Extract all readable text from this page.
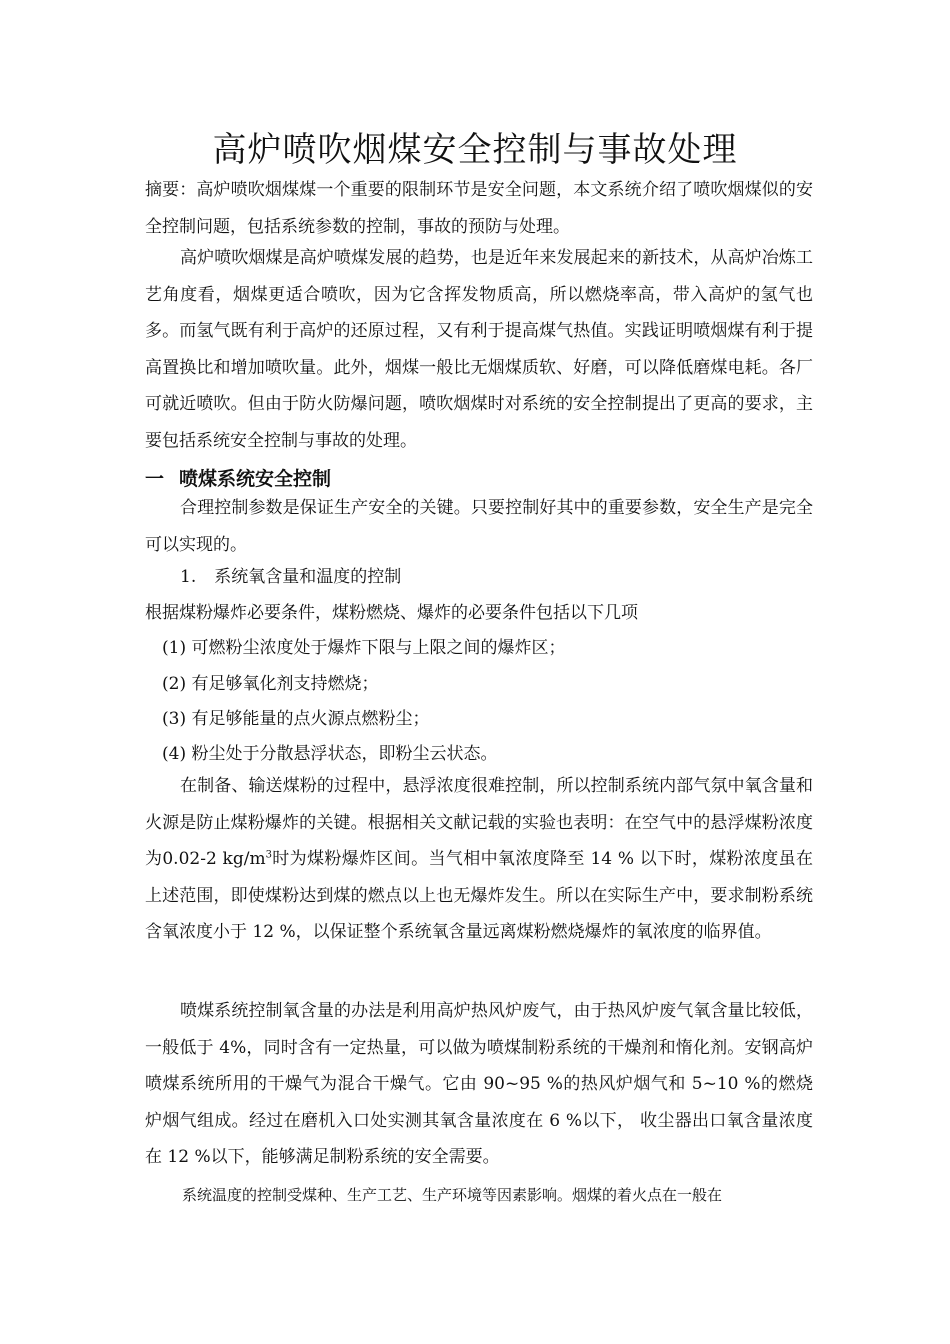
高炉喷吹烟煤安全控制与事故处理

摘要：高炉喷吹烟煤煤一个重要的限制环节是安全问题，本文系统介绍了喷吹烟煤似的安全控制问题，包括系统参数的控制，事故的预防与处理。

高炉喷吹烟煤是高炉喷煤发展的趋势，也是近年来发展起来的新技术，从高炉冶炼工艺角度看，烟煤更适合喷吹，因为它含挥发物质高，所以燃烧率高，带入高炉的氢气也多。而氢气既有利于高炉的还原过程，又有利于提高煤气热值。实践证明喷烟煤有利于提高置换比和增加喷吹量。此外，烟煤一般比无烟煤质软、好磨，可以降低磨煤电耗。各厂可就近喷吹。但由于防火防爆问题，喷吹烟煤时对系统的安全控制提出了更高的要求，主要包括系统安全控制与事故的处理。

一 喷煤系统安全控制

合理控制参数是保证生产安全的关键。只要控制好其中的重要参数，安全生产是完全可以实现的。

1. 系统氧含量和温度的控制
根据煤粉爆炸必要条件，煤粉燃烧、爆炸的必要条件包括以下几项
(1) 可燃粉尘浓度处于爆炸下限与上限之间的爆炸区；
(2) 有足够氧化剂支持燃烧；
(3) 有足够能量的点火源点燃粉尘；
(4) 粉尘处于分散悬浮状态，即粉尘云状态。

在制备、输送煤粉的过程中，悬浮浓度很难控制，所以控制系统内部气氛中氧含量和火源是防止煤粉爆炸的关键。根据相关文献记载的实验也表明：在空气中的悬浮煤粉浓度为0.02-2 $kg/m^3$时为煤粉爆炸区间。当气相中氧浓度降至 14 % 以下时，煤粉浓度虽在上述范围，即使煤粉达到煤的燃点以上也无爆炸发生。所以在实际生产中，要求制粉系统含氧浓度小于 12 %，以保证整个系统氧含量远离煤粉燃烧爆炸的氧浓度的临界值。

喷煤系统控制氧含量的办法是利用高炉热风炉废气，由于热风炉废气氧含量比较低，一般低于 4%，同时含有一定热量，可以做为喷煤制粉系统的干燥剂和惰化剂。安钢高炉喷煤系统所用的干燥气为混合干燥气。它由 90~95 %的热风炉烟气和 5~10 %的燃烧炉烟气组成。经过在磨机入口处实测其氧含量浓度在 6 %以下， 收尘器出口氧含量浓度在 12 %以下，能够满足制粉系统的安全需要。

系统温度的控制受煤种、生产工艺、生产环境等因素影响。烟煤的着火点在一般在
